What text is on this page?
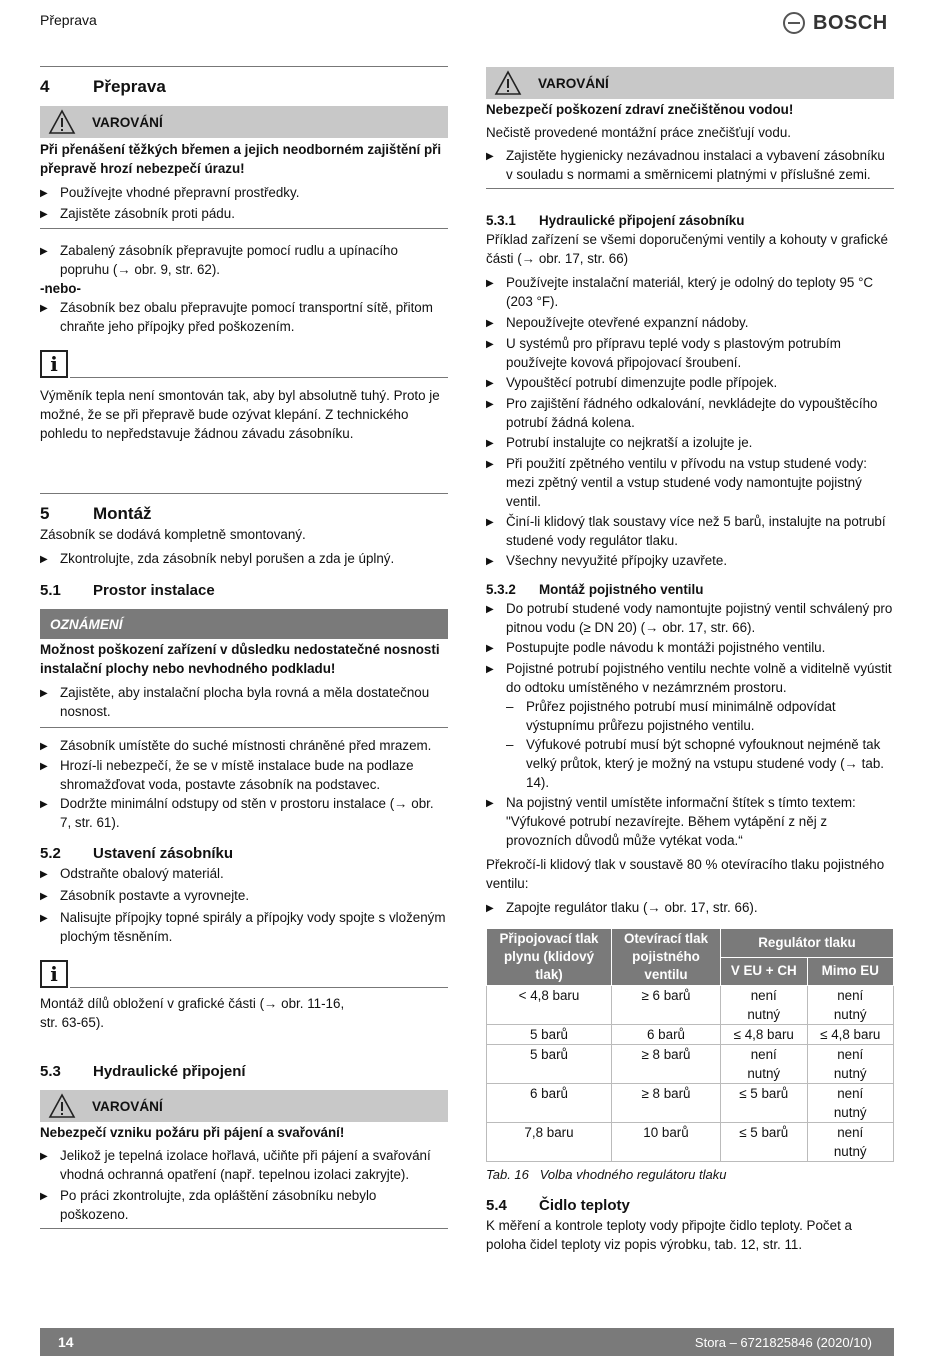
Přeprava	BOSCH
4	Přeprava
VAROVÁNÍ

Při přenášení těžkých břemen a jejich neodborném zajištění při přepravě hrozí nebezpečí úrazu!

▶ Používejte vhodné přepravní prostředky.
▶ Zajistěte zásobník proti pádu.
▶ Zabalený zásobník přepravujte pomocí rudlu a upínacího popruhu (→ obr. 9, str. 62).

-nebo-

▶ Zásobník bez obalu přepravujte pomocí transportní sítě, přitom chraňte jeho přípojky před poškozením.
i

Výměník tepla není smontován tak, aby byl absolutně tuhý. Proto je možné, že se při přepravě bude ozývat klepání. Z technického pohledu to nepředstavuje žádnou závadu zásobníku.

5	Montáž

Zásobník se dodává kompletně smontovaný.

▶ Zkontrolujte, zda zásobník nebyl porušen a zda je úplný.
5.1	Prostor instalace
OZNÁMENÍ

Možnost poškození zařízení v důsledku nedostatečné nosnosti instalační plochy nebo nevhodného podkladu!

▶ Zajistěte, aby instalační plocha byla rovná a měla dostatečnou nosnost.
▶ Zásobník umístěte do suché místnosti chráněné před mrazem.
▶ Hrozí-li nebezpečí, že se v místě instalace bude na podlaze shromažďovat voda, postavte zásobník na podstavec.
▶ Dodržte minimální odstupy od stěn v prostoru instalace (→ obr. 7, str. 61).
5.2	Ustavení zásobníku
▶ Odstraňte obalový materiál.
▶ Zásobník postavte a vyrovnejte.
▶ Nalisujte přípojky topné spirály a přípojky vody spojte s vloženým plochým těsněním.
i

Montáž dílů obložení v grafické části (→ obr. 11-16, str. 63-65).

5.3	Hydraulické připojení
VAROVÁNÍ

Nebezpečí vzniku požáru při pájení a svařování!

▶ Jelikož je tepelná izolace hořlavá, učiňte při pájení a svařování vhodná ochranná opatření (např. tepelnou izolaci zakryjte).
▶ Po práci zkontrolujte, zda opláštění zásobníku nebylo poškozeno.
VAROVÁNÍ

Nebezpečí poškození zdraví znečištěnou vodou!

Nečistě provedené montážní práce znečišťují vodu.

▶ Zajistěte hygienicky nezávadnou instalaci a vybavení zásobníku v souladu s normami a směrnicemi platnými v příslušné zemi.
5.3.1	Hydraulické připojení zásobníku

Příklad zařízení se všemi doporučenými ventily a kohouty v grafické části (→ obr. 17, str. 66)

▶ Používejte instalační materiál, který je odolný do teploty 95 °C (203 °F).
▶ Nepoužívejte otevřené expanzní nádoby.
▶ U systémů pro přípravu teplé vody s plastovým potrubím používejte kovová připojovací šroubení.
▶ Vypouštěcí potrubí dimenzujte podle přípojek.
▶ Pro zajištění řádného odkalování, nevkládejte do vypouštěcího potrubí žádná kolena.
▶ Potrubí instalujte co nejkratší a izolujte je.
▶ Při použití zpětného ventilu v přívodu na vstup studené vody: mezi zpětný ventil a vstup studené vody namontujte pojistný ventil.
▶ Činí-li klidový tlak soustavy více než 5 barů, instalujte na potrubí studené vody regulátor tlaku.
▶ Všechny nevyužité přípojky uzavřete.
5.3.2	Montáž pojistného ventilu
▶ Do potrubí studené vody namontujte pojistný ventil schválený pro pitnou vodu (≥ DN 20) (→ obr. 17, str. 66).
▶ Postupujte podle návodu k montáži pojistného ventilu.
▶ Pojistné potrubí pojistného ventilu nechte volně a viditelně vyústit do odtoku umístěného v nezámrzném prostoru.
– Průřez pojistného potrubí musí minimálně odpovídat výstupnímu průřezu pojistného ventilu.
– Výfukové potrubí musí být schopné vyfouknout nejméně tak velký průtok, který je možný na vstupu studené vody (→ tab. 14).
▶ Na pojistný ventil umístěte informační štítek s tímto textem: "Výfukové potrubí nezavírejte. Během vytápění z něj z provozních důvodů může vytékat voda.“

Překročí-li klidový tlak v soustavě 80 % otevíracího tlaku pojistného ventilu:

▶ Zapojte regulátor tlaku (→ obr. 17, str. 66).
Připojovací tlak plynu (klidový tlak)	Otevírací tlak pojistného ventilu	Regulátor tlaku	
		V EU + CH	Mimo EU
< 4,8 baru	≥ 6 barů	není nutný	není nutný
5 barů	6 barů	≤ 4,8 baru	≤ 4,8 baru
5 barů	≥ 8 barů	není nutný	není nutný
6 barů	≥ 8 barů	≤ 5 barů	není nutný
7,8 baru	10 barů	≤ 5 barů	není nutný

Tab. 16   Volba vhodného regulátoru tlaku

5.4	Čidlo teploty

K měření a kontrole teploty vody připojte čidlo teploty. Počet a poloha čidel teploty viz popis výrobku, tab. 12, str. 11.

14	Stora – 6721825846 (2020/10)
